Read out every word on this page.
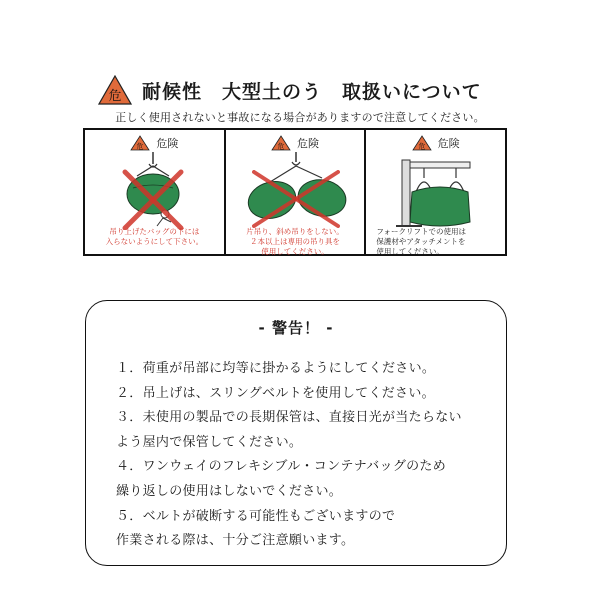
危 耐候性　大型土のう　取扱いについて
正しく使用されないと事故になる場合がありますので注意してください。
危 危険
吊り上げたバッグの下には
入らないようにして下さい。
危 危険
片吊り、斜め吊りをしない。
２本以上は専用の吊り具を
使用してください。
危 危険
フォークリフトでの使用は
保護材やアタッチメントを
使用してください。
- 警告！ -
１．荷重が吊部に均等に掛かるようにしてください。
２．吊上げは、スリングベルトを使用してください。
３．未使用の製品での長期保管は、直接日光が当たらない
よう屋内で保管してください。
４．ワンウェイのフレキシブル・コンテナバッグのため
繰り返しの使用はしないでください。
５．ベルトが破断する可能性もございますので
作業される際は、十分ご注意願います。
